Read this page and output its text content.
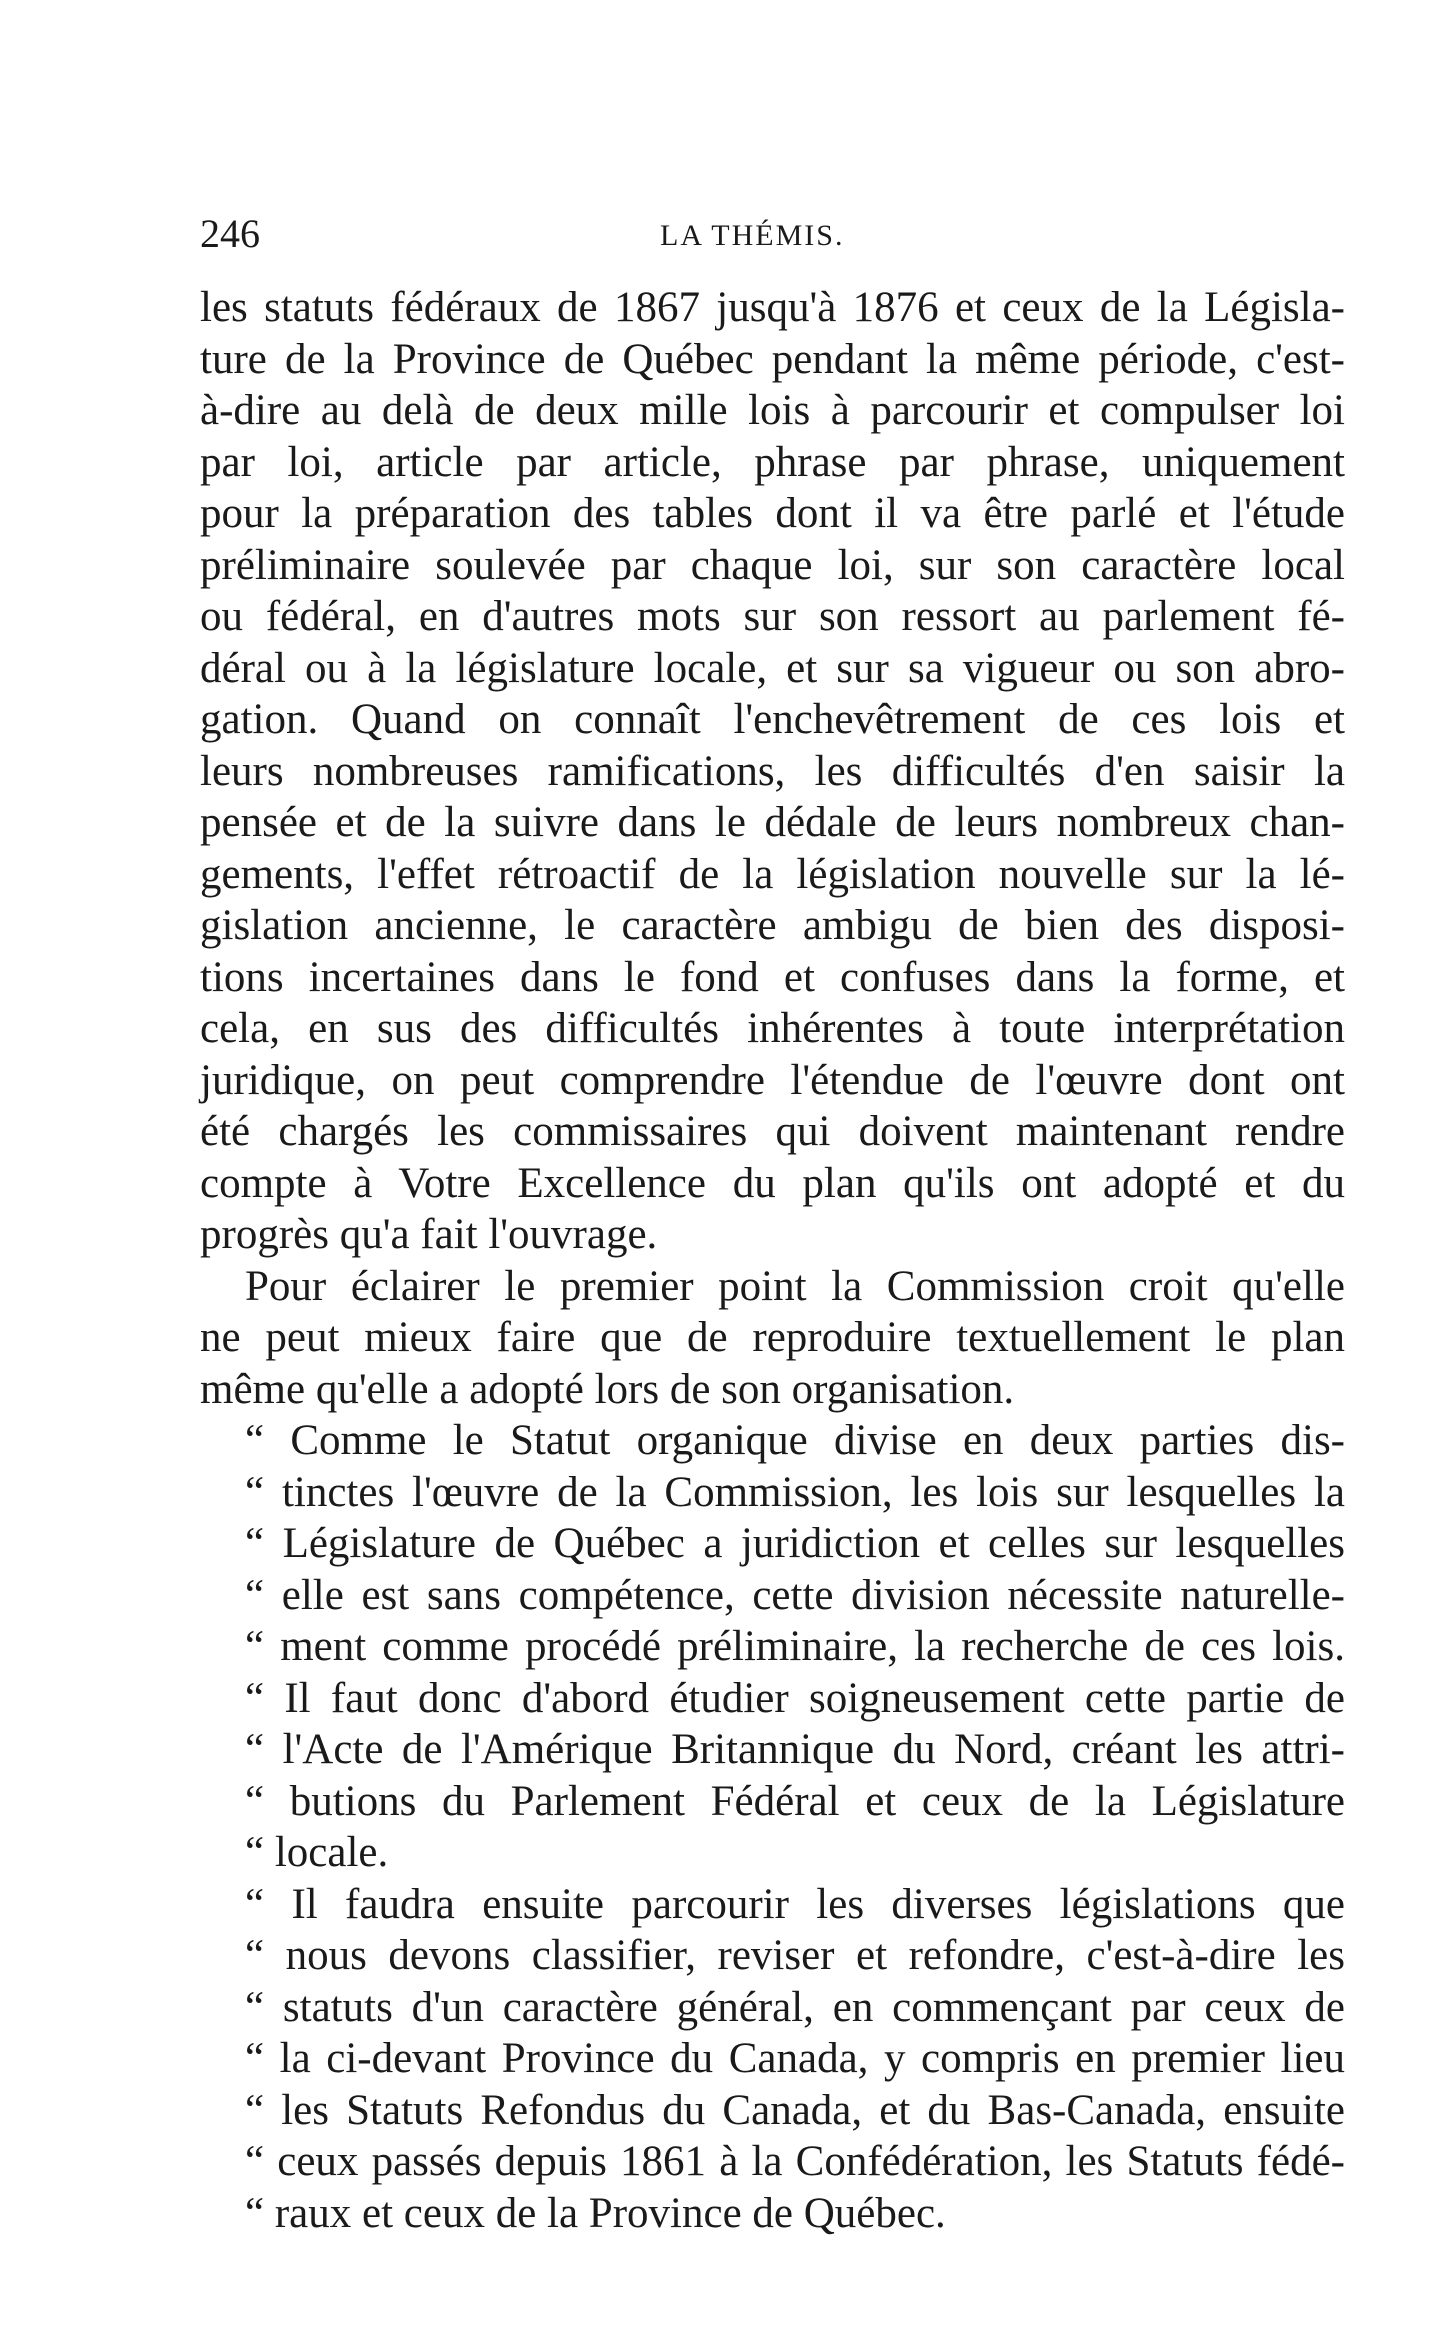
246	LA THÉMIS.
les statuts fédéraux de 1867 jusqu'à 1876 et ceux de la Législa-
ture de la Province de Québec pendant la même période, c'est-
à-dire au delà de deux mille lois à parcourir et compulser loi
par loi, article par article, phrase par phrase, uniquement
pour la préparation des tables dont il va être parlé et l'étude
préliminaire soulevée par chaque loi, sur son caractère local
ou fédéral, en d'autres mots sur son ressort au parlement fé-
déral ou à la législature locale, et sur sa vigueur ou son abro-
gation. Quand on connaît l'enchevêtrement de ces lois et
leurs nombreuses ramifications, les difficultés d'en saisir la
pensée et de la suivre dans le dédale de leurs nombreux chan-
gements, l'effet rétroactif de la législation nouvelle sur la lé-
gislation ancienne, le caractère ambigu de bien des disposi-
tions incertaines dans le fond et confuses dans la forme, et
cela, en sus des difficultés inhérentes à toute interprétation
juridique, on peut comprendre l'étendue de l'œuvre dont ont
été chargés les commissaires qui doivent maintenant rendre
compte à Votre Excellence du plan qu'ils ont adopté et du
progrès qu'a fait l'ouvrage.
Pour éclairer le premier point la Commission croit qu'elle
ne peut mieux faire que de reproduire textuellement le plan
même qu'elle a adopté lors de son organisation.
“ Comme le Statut organique divise en deux parties dis-
“ tinctes l'œuvre de la Commission, les lois sur lesquelles la
“ Législature de Québec a juridiction et celles sur lesquelles
“ elle est sans compétence, cette division nécessite naturelle-
“ ment comme procédé préliminaire, la recherche de ces lois.
“ Il faut donc d'abord étudier soigneusement cette partie de
“ l'Acte de l'Amérique Britannique du Nord, créant les attri-
“ butions du Parlement Fédéral et ceux de la Législature
“ locale.
“ Il faudra ensuite parcourir les diverses législations que
“ nous devons classifier, reviser et refondre, c'est-à-dire les
“ statuts d'un caractère général, en commençant par ceux de
“ la ci-devant Province du Canada, y compris en premier lieu
“ les Statuts Refondus du Canada, et du Bas-Canada, ensuite
“ ceux passés depuis 1861 à la Confédération, les Statuts fédé-
“ raux et ceux de la Province de Québec.
